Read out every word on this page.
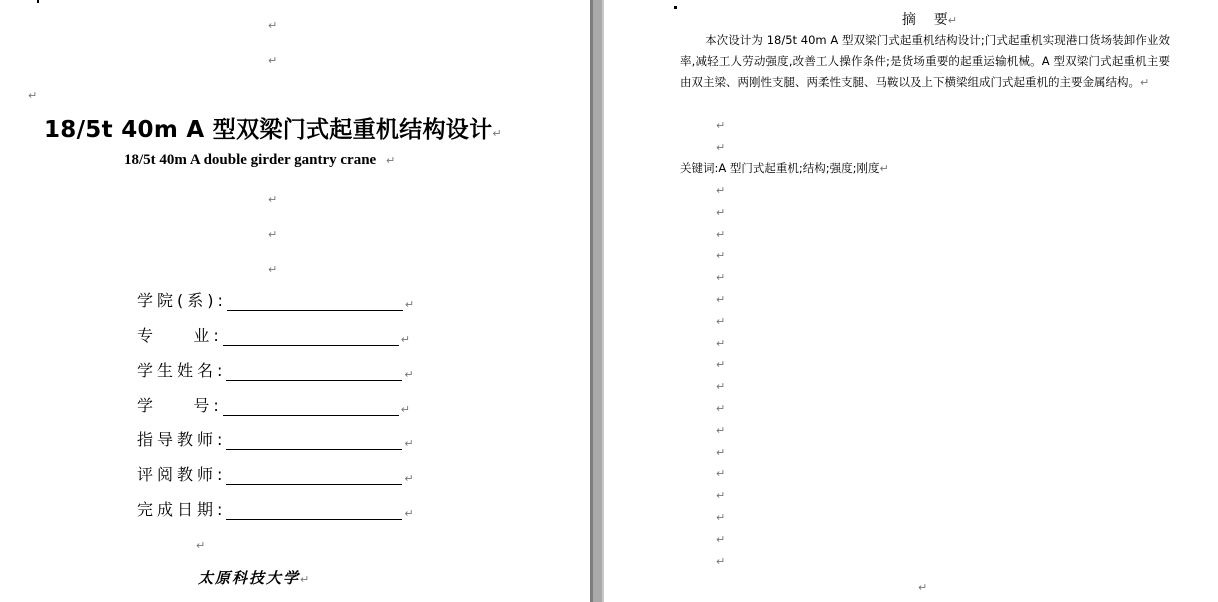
↵
↵
↵
18/5t 40m A 型双梁门式起重机结构设计↵
18/5t 40m A double girder gantry crane ↵
↵
↵
↵
学院(系):	↵
专    业:	↵
学生姓名:	↵
学    号:	↵
指导教师:	↵
评阅教师:	↵
完成日期:	↵
↵
太原科技大学↵

摘    要↵

本次设计为 18/5t 40m A 型双梁门式起重机结构设计;门式起重机实现港口货场装卸作业效率,减轻工人劳动强度,改善工人操作条件;是货场重要的起重运输机械。A 型双梁门式起重机主要由双主梁、两刚性支腿、两柔性支腿、马鞍以及上下横梁组成门式起重机的主要金属结构。↵
↵
↵
关键词:A 型门式起重机;结构;强度;刚度↵
↵
↵
↵
↵
↵
↵
↵
↵
↵
↵
↵
↵
↵
↵
↵
↵
↵
↵
↵
